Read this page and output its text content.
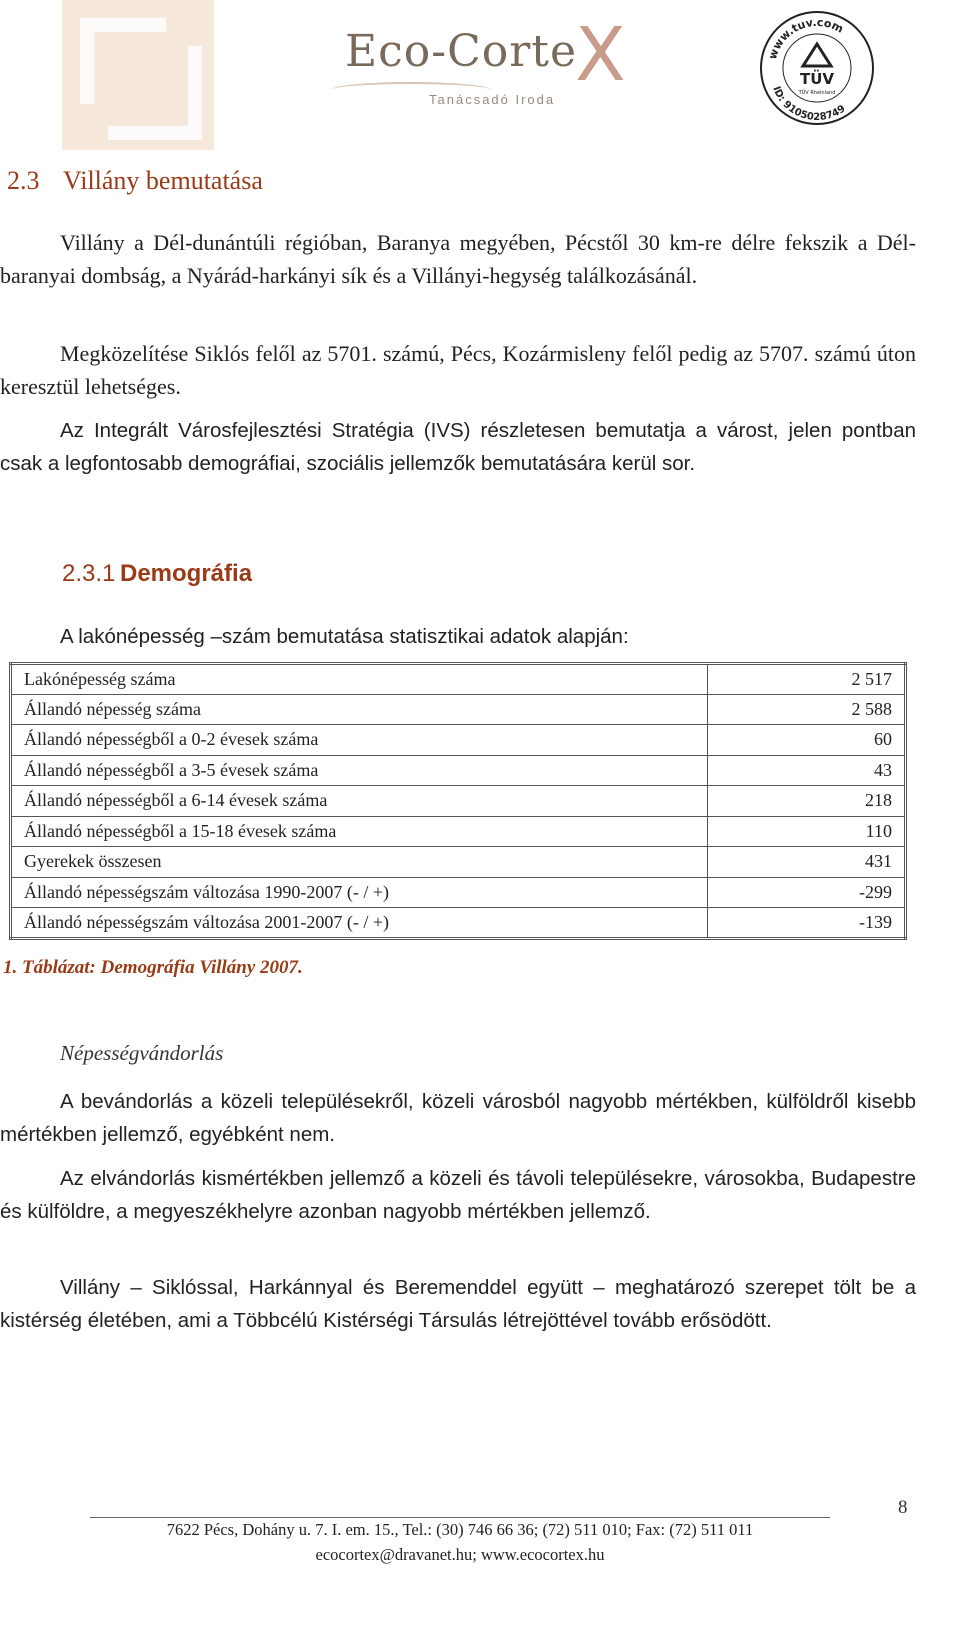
Eco-Corte
X
Tanácsadó Iroda
www.tuv.com
ID: 9105028749
TÜV
TÜV Rheinland
2.3 Villány bemutatása
Villány a Dél-dunántúli régióban, Baranya megyében, Pécstől 30 km-re délre fekszik a Dél-baranyai dombság, a Nyárád-harkányi sík és a Villányi-hegység találkozásánál.
Megközelítése Siklós felől az 5701. számú, Pécs, Kozármisleny felől pedig az 5707. számú úton keresztül lehetséges.
Az Integrált Városfejlesztési Stratégia (IVS) részletesen bemutatja a várost, jelen pontban csak a legfontosabb demográfiai, szociális jellemzők bemutatására kerül sor.
2.3.1 Demográfia
A lakónépesség –szám bemutatása statisztikai adatok alapján:
Lakónépesség száma	2 517
Állandó népesség száma	2 588
Állandó népességből a 0-2 évesek száma	60
Állandó népességből a 3-5 évesek száma	43
Állandó népességből a 6-14 évesek száma	218
Állandó népességből a 15-18 évesek száma	110
Gyerekek összesen	431
Állandó népességszám változása 1990-2007 (- / +)	-299
Állandó népességszám változása 2001-2007 (- / +)	-139
1. Táblázat: Demográfia Villány 2007.
Népességvándorlás
A bevándorlás a közeli településekről, közeli városból nagyobb mértékben, külföldről kisebb mértékben jellemző, egyébként nem.
Az elvándorlás kismértékben jellemző a közeli és távoli településekre, városokba, Budapestre és külföldre, a megyeszékhelyre azonban nagyobb mértékben jellemző.
Villány – Siklóssal, Harkánnyal és Beremenddel együtt – meghatározó szerepet tölt be a kistérség életében, ami a Többcélú Kistérségi Társulás létrejöttével tovább erősödött.
8
7622 Pécs, Dohány u. 7. I. em. 15., Tel.: (30) 746 66 36; (72) 511 010; Fax: (72) 511 011
ecocortex@dravanet.hu; www.ecocortex.hu
